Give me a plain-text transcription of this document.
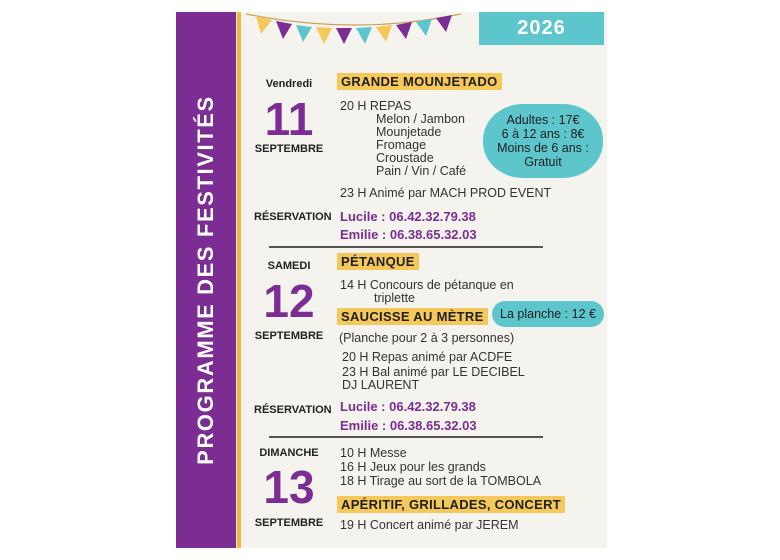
PROGRAMME DES FESTIVITÉS
2026
Vendredi
11
SEPTEMBRE
GRANDE MOUNJETADO
20 H REPAS
Melon / Jambon
Mounjetade
Fromage
Croustade
Pain / Vin / Café
Adultes : 17€
6 à 12 ans : 8€
Moins de 6 ans :
Gratuit
23 H Animé par MACH PROD EVENT
RÉSERVATION Lucile : 06.42.32.79.38
Emilie : 06.38.65.32.03
SAMEDI
12
SEPTEMBRE
PÉTANQUE
14 H Concours de pétanque en
triplette
SAUCISSE AU MÈTRE	La planche : 12 €
(Planche pour 2 à 3 personnes)
20 H Repas animé par ACDFE
23 H Bal animé par LE DECIBEL
DJ LAURENT
RÉSERVATION Lucile : 06.42.32.79.38
Emilie : 06.38.65.32.03
DIMANCHE
13
SEPTEMBRE
10 H Messe
16 H Jeux pour les grands
18 H Tirage au sort de la TOMBOLA
APÉRITIF, GRILLADES, CONCERT
19 H Concert animé par JEREM
